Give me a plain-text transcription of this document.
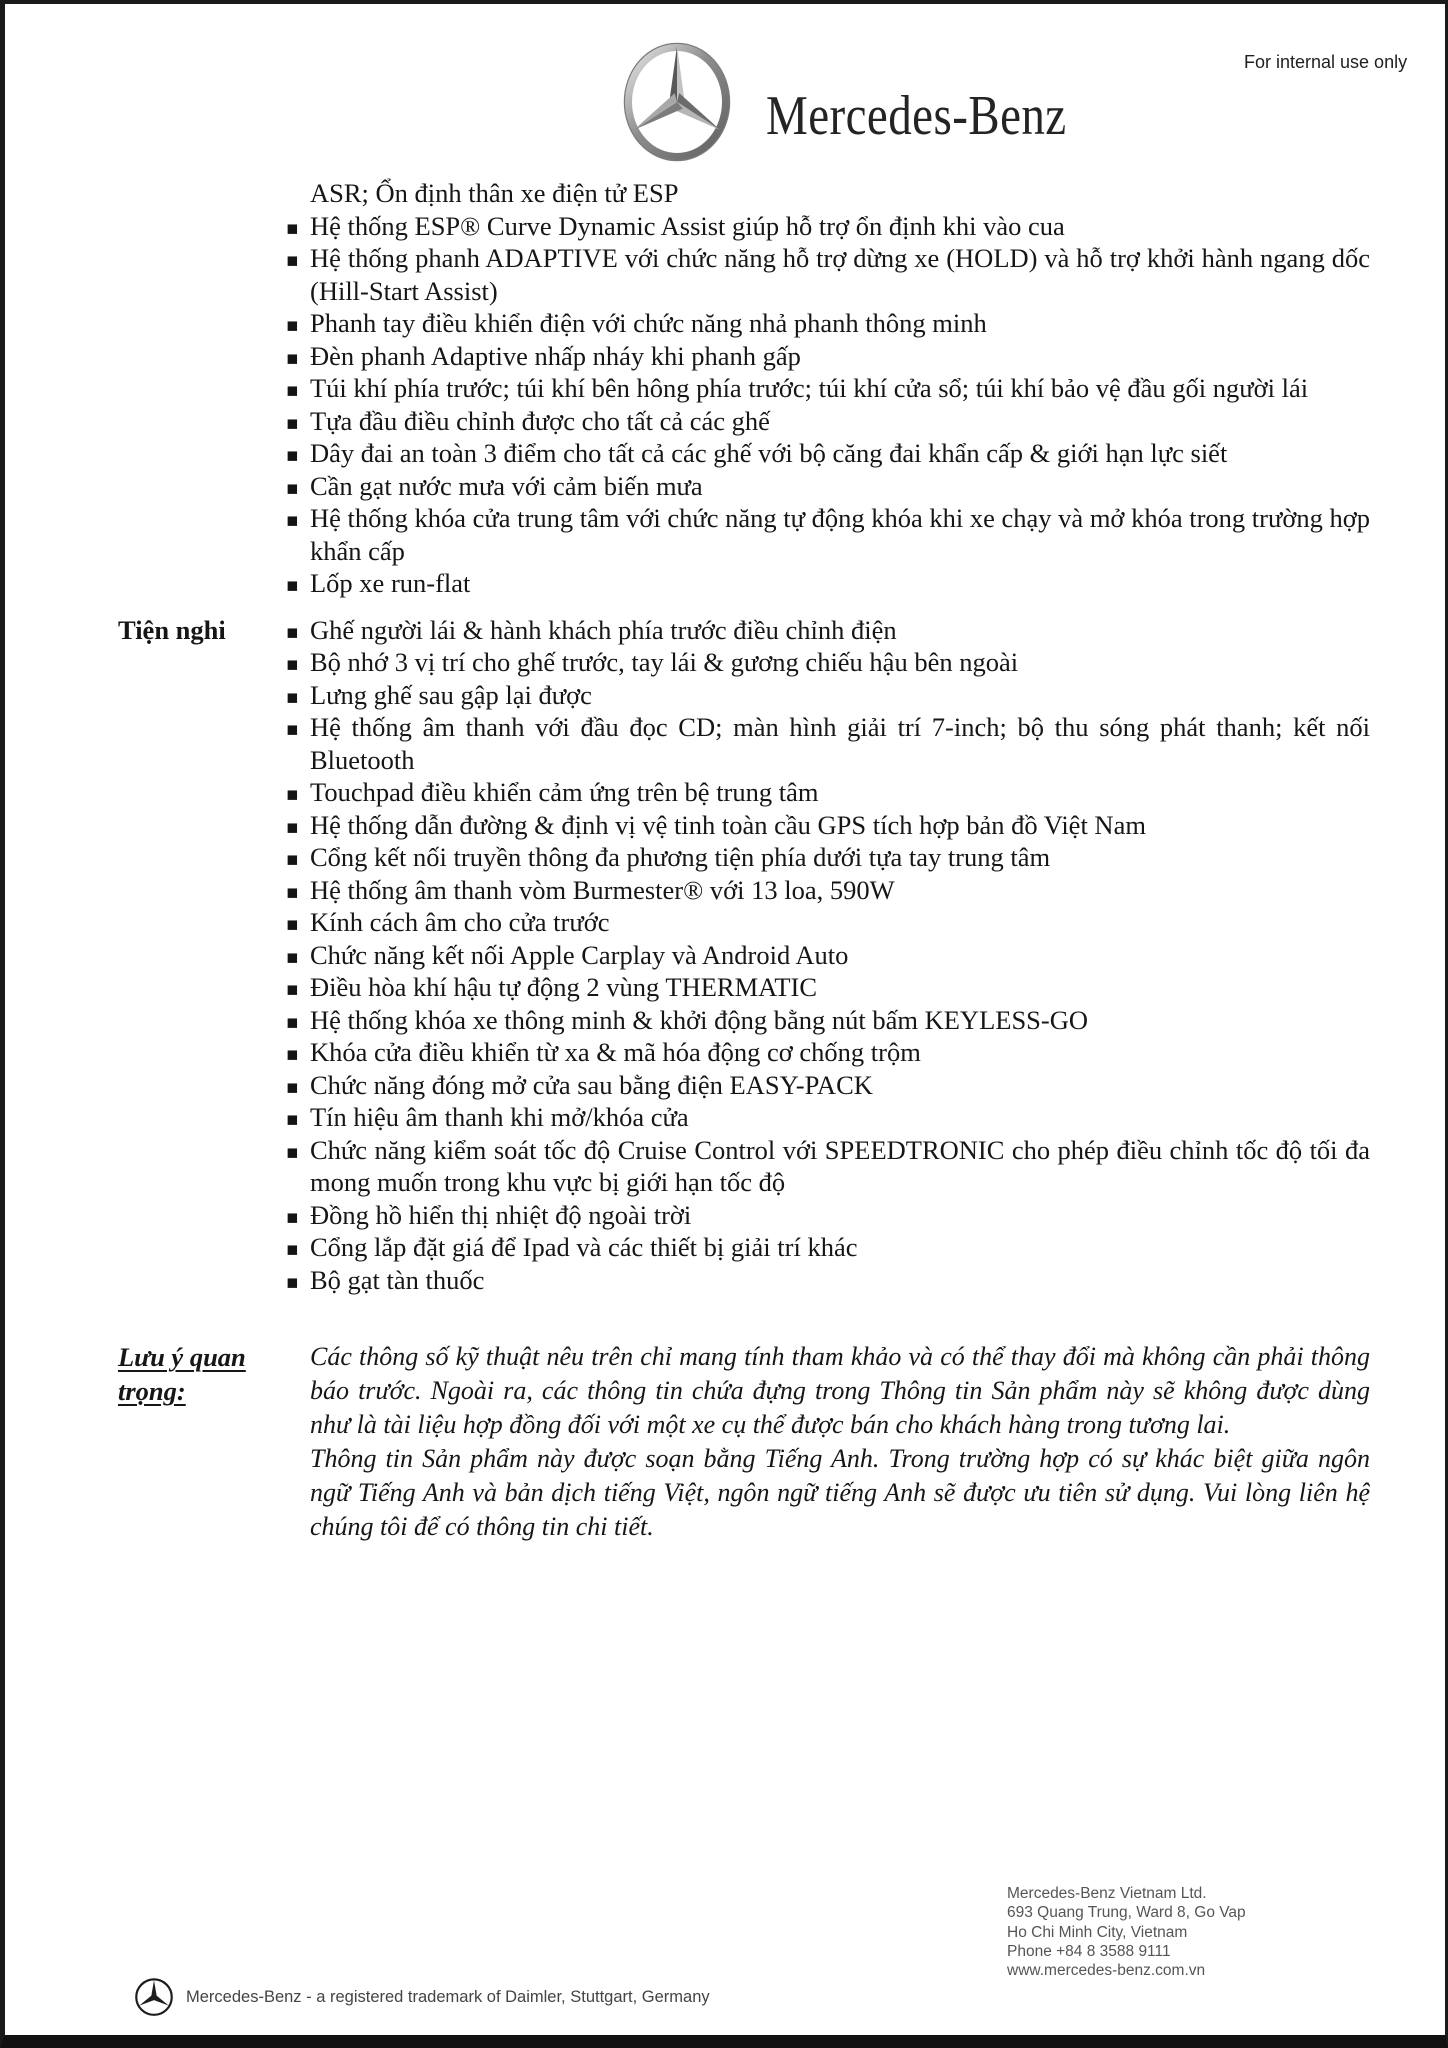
Mercedes-Benz
For internal use only
ASR; Ổn định thân xe điện tử ESP
▪ Hệ thống ESP® Curve Dynamic Assist giúp hỗ trợ ổn định khi vào cua
▪ Hệ thống phanh ADAPTIVE với chức năng hỗ trợ dừng xe (HOLD) và hỗ trợ khởi hành ngang dốc (Hill-Start Assist)
▪ Phanh tay điều khiển điện với chức năng nhả phanh thông minh
▪ Đèn phanh Adaptive nhấp nháy khi phanh gấp
▪ Túi khí phía trước; túi khí bên hông phía trước; túi khí cửa sổ; túi khí bảo vệ đầu gối người lái
▪ Tựa đầu điều chỉnh được cho tất cả các ghế
▪ Dây đai an toàn 3 điểm cho tất cả các ghế với bộ căng đai khẩn cấp & giới hạn lực siết
▪ Cần gạt nước mưa với cảm biến mưa
▪ Hệ thống khóa cửa trung tâm với chức năng tự động khóa khi xe chạy và mở khóa trong trường hợp khẩn cấp
▪ Lốp xe run-flat
Tiện nghi	▪ Ghế người lái & hành khách phía trước điều chỉnh điện
▪ Bộ nhớ 3 vị trí cho ghế trước, tay lái & gương chiếu hậu bên ngoài
▪ Lưng ghế sau gập lại được
▪ Hệ thống âm thanh với đầu đọc CD; màn hình giải trí 7-inch; bộ thu sóng phát thanh; kết nối Bluetooth
▪ Touchpad điều khiển cảm ứng trên bệ trung tâm
▪ Hệ thống dẫn đường & định vị vệ tinh toàn cầu GPS tích hợp bản đồ Việt Nam
▪ Cổng kết nối truyền thông đa phương tiện phía dưới tựa tay trung tâm
▪ Hệ thống âm thanh vòm Burmester® với 13 loa, 590W
▪ Kính cách âm cho cửa trước
▪ Chức năng kết nối Apple Carplay và Android Auto
▪ Điều hòa khí hậu tự động 2 vùng THERMATIC
▪ Hệ thống khóa xe thông minh & khởi động bằng nút bấm KEYLESS-GO
▪ Khóa cửa điều khiển từ xa & mã hóa động cơ chống trộm
▪ Chức năng đóng mở cửa sau bằng điện EASY-PACK
▪ Tín hiệu âm thanh khi mở/khóa cửa
▪ Chức năng kiểm soát tốc độ Cruise Control với SPEEDTRONIC cho phép điều chỉnh tốc độ tối đa mong muốn trong khu vực bị giới hạn tốc độ
▪ Đồng hồ hiển thị nhiệt độ ngoài trời
▪ Cổng lắp đặt giá để Ipad và các thiết bị giải trí khác
▪ Bộ gạt tàn thuốc
Lưu ý quan trọng:

Các thông số kỹ thuật nêu trên chỉ mang tính tham khảo và có thể thay đổi mà không cần phải thông báo trước. Ngoài ra, các thông tin chứa đựng trong Thông tin Sản phẩm này sẽ không được dùng như là tài liệu hợp đồng đối với một xe cụ thể được bán cho khách hàng trong tương lai.

Thông tin Sản phẩm này được soạn bằng Tiếng Anh. Trong trường hợp có sự khác biệt giữa ngôn ngữ Tiếng Anh và bản dịch tiếng Việt, ngôn ngữ tiếng Anh sẽ được ưu tiên sử dụng. Vui lòng liên hệ chúng tôi để có thông tin chi tiết.

Mercedes-Benz Vietnam Ltd.
693 Quang Trung, Ward 8, Go Vap
Ho Chi Minh City, Vietnam
Phone +84 8 3588 9111
www.mercedes-benz.com.vn
Mercedes-Benz - a registered trademark of Daimler, Stuttgart, Germany
